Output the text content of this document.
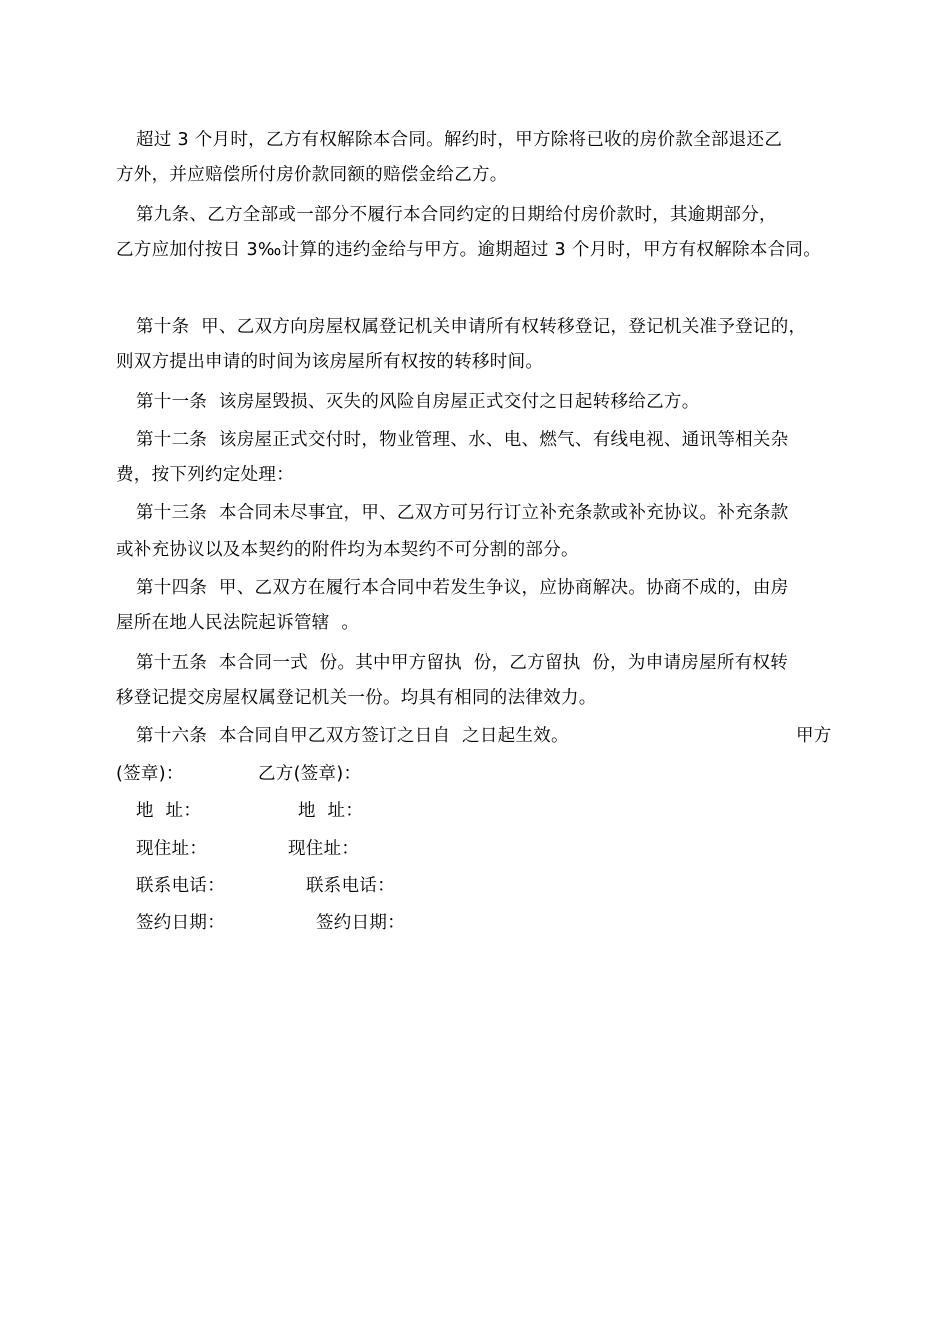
超过 3 个月时，乙方有权解除本合同。解约时，甲方除将已收的房价款全部退还乙
方外，并应赔偿所付房价款同额的赔偿金给乙方。
第九条、乙方全部或一部分不履行本合同约定的日期给付房价款时，其逾期部分，
乙方应加付按日 3‰计算的违约金给与甲方。逾期超过 3 个月时，甲方有权解除本合同。
第十条  甲、乙双方向房屋权属登记机关申请所有权转移登记，登记机关准予登记的，
则双方提出申请的时间为该房屋所有权按的转移时间。
第十一条  该房屋毁损、灭失的风险自房屋正式交付之日起转移给乙方。
第十二条  该房屋正式交付时，物业管理、水、电、燃气、有线电视、通讯等相关杂
费，按下列约定处理：
第十三条  本合同未尽事宜，甲、乙双方可另行订立补充条款或补充协议。补充条款
或补充协议以及本契约的附件均为本契约不可分割的部分。
第十四条  甲、乙双方在履行本合同中若发生争议，应协商解决。协商不成的，由房
屋所在地人民法院起诉管辖  。
第十五条  本合同一式  份。其中甲方留执  份，乙方留执  份，为申请房屋所有权转
移登记提交房屋权属登记机关一份。均具有相同的法律效力。
第十六条  本合同自甲乙双方签订之日自  之日起生效。	甲方
(签章)：	乙方(签章)：
地  址：	地  址：
现住址：	现住址：
联系电话：	联系电话：
签约日期：	签约日期：
